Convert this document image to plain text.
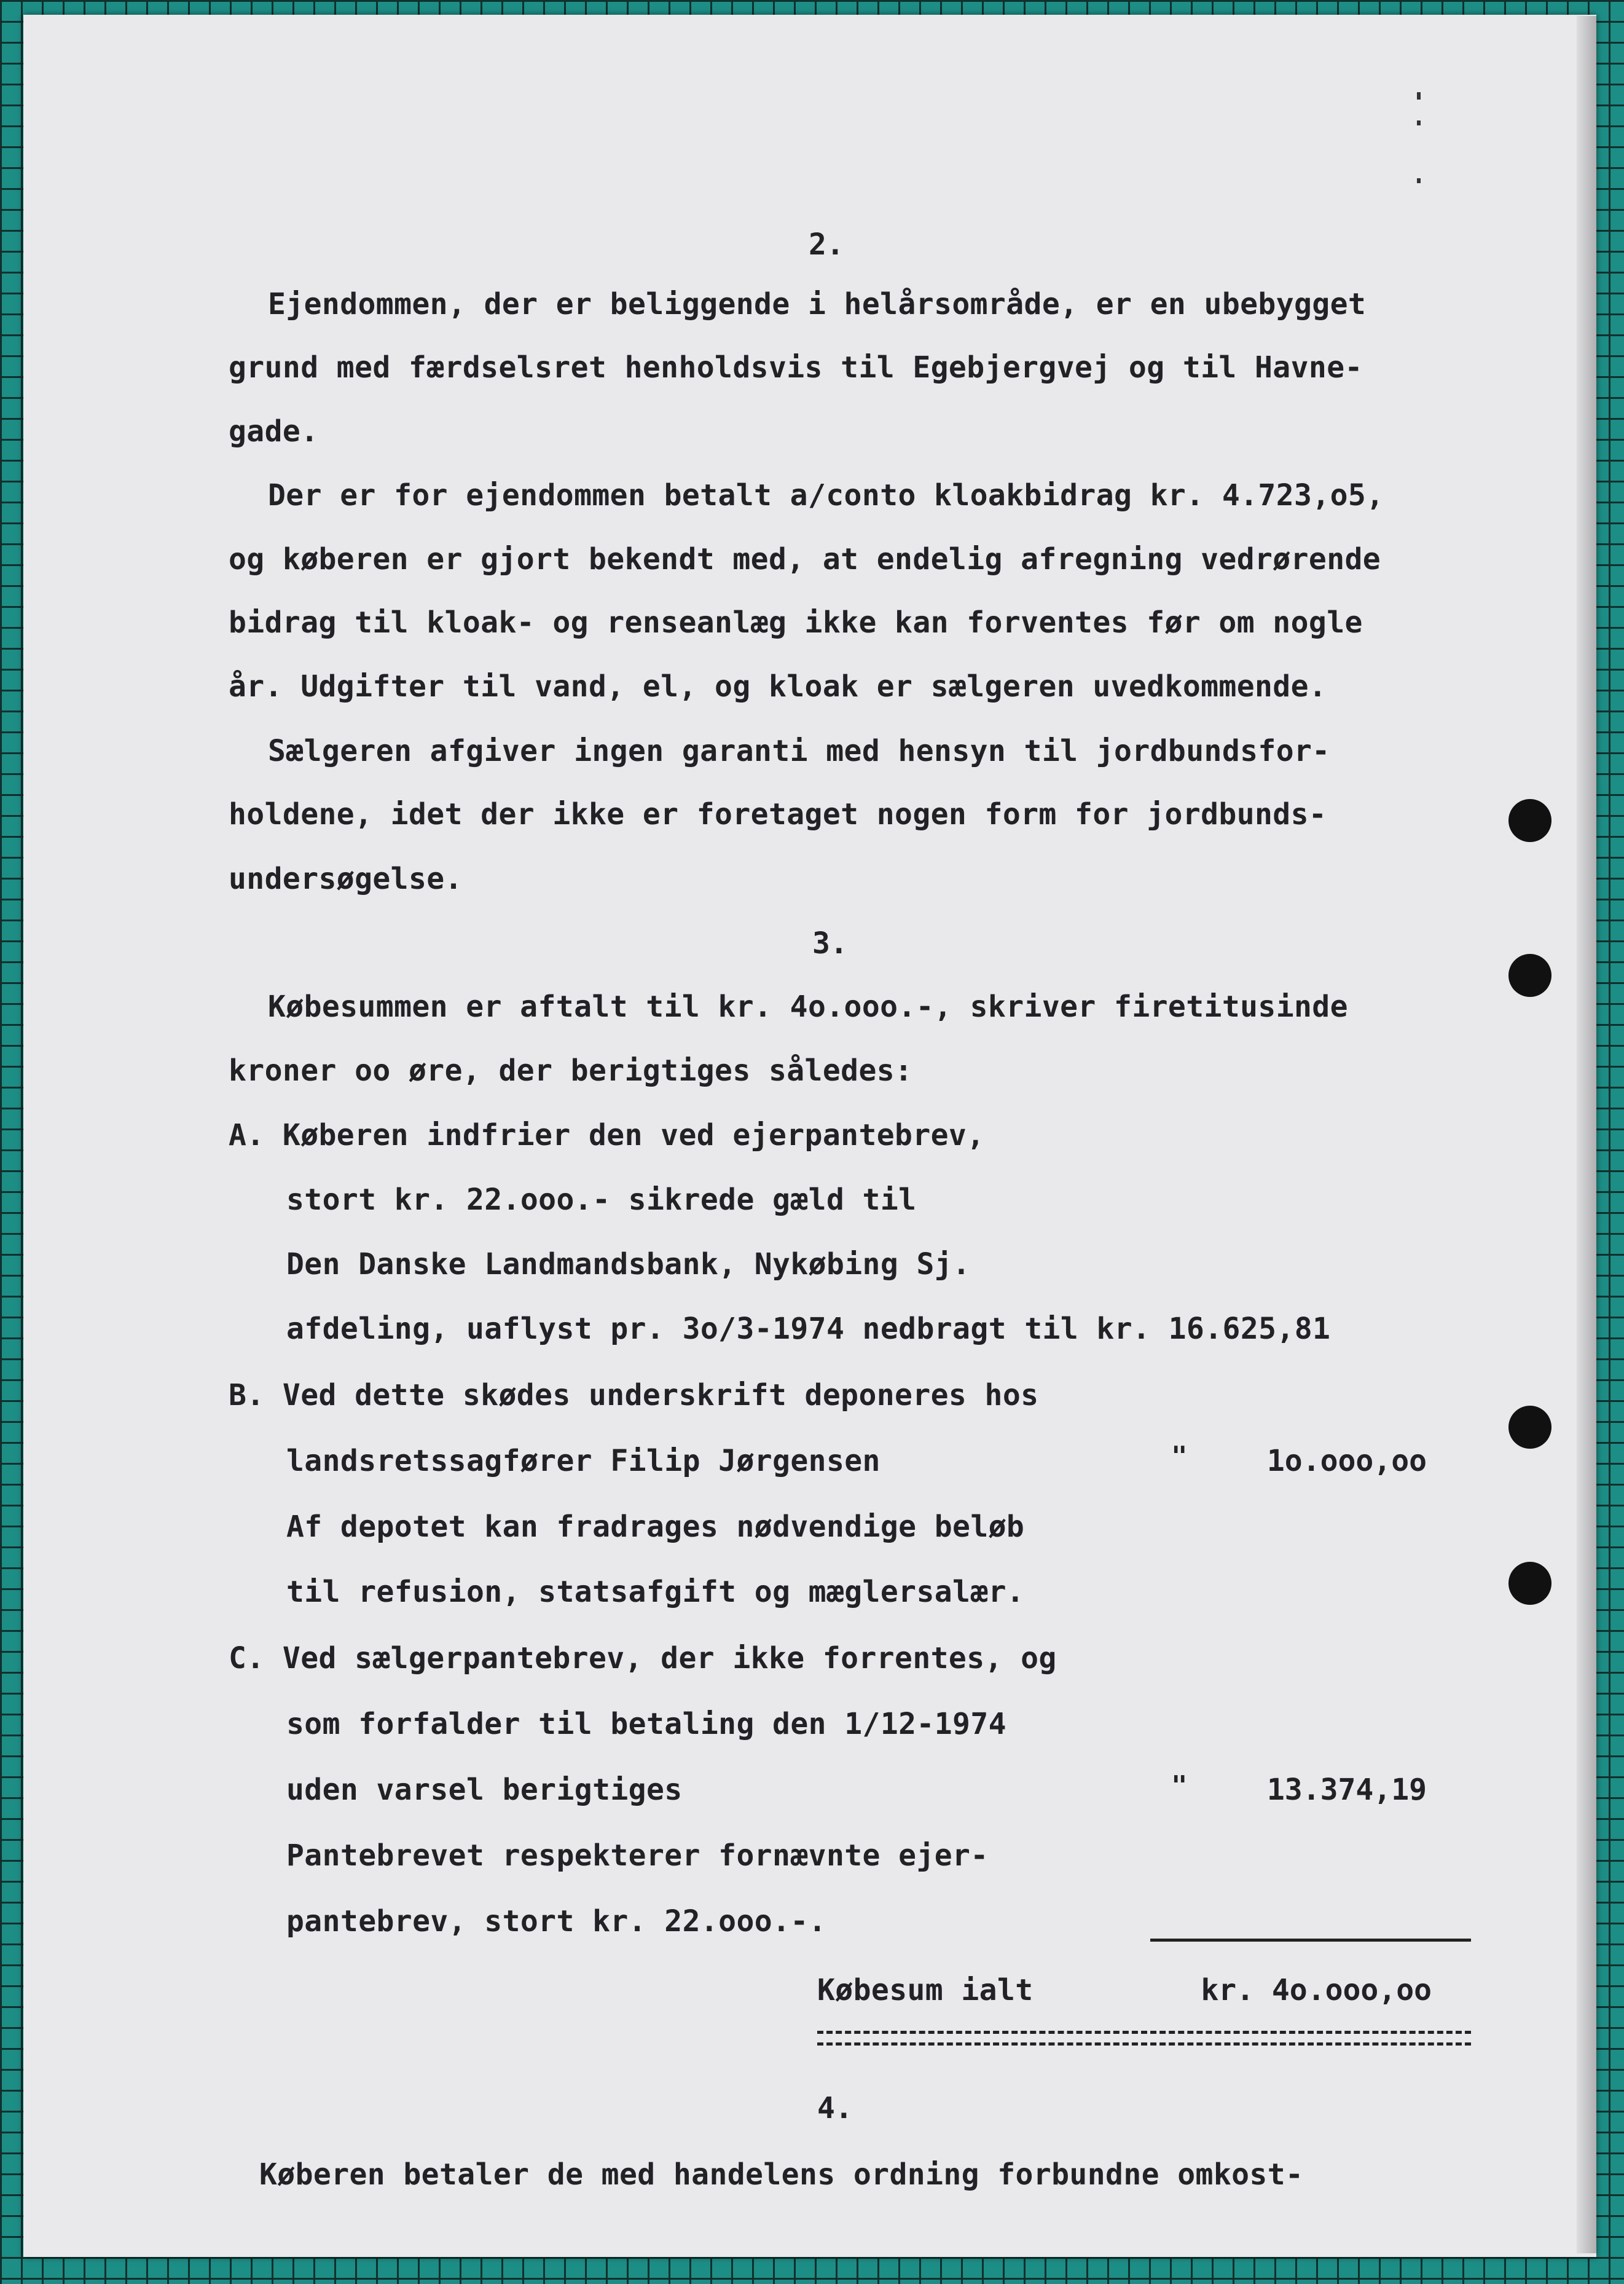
2.
Ejendommen, der er beliggende i helårsområde, er en ubebygget
grund med færdselsret henholdsvis til Egebjergvej og til Havne-
gade.
Der er for ejendommen betalt a/conto kloakbidrag kr. 4.723,o5,
og køberen er gjort bekendt med, at endelig afregning vedrørende
bidrag til kloak- og renseanlæg ikke kan forventes før om nogle
år. Udgifter til vand, el, og kloak er sælgeren uvedkommende.
Sælgeren afgiver ingen garanti med hensyn til jordbundsfor-
holdene, idet der ikke er foretaget nogen form for jordbunds-
undersøgelse.
3.
Købesummen er aftalt til kr. 4o.ooo.-, skriver firetitusinde
kroner oo øre, der berigtiges således:
A. Køberen indfrier den ved ejerpantebrev,
stort kr. 22.ooo.- sikrede gæld til
Den Danske Landmandsbank, Nykøbing Sj.
afdeling, uaflyst pr. 3o/3-1974 nedbragt til kr. 16.625,81
B. Ved dette skødes underskrift deponeres hos
landsretssagfører Filip Jørgensen	"	1o.ooo,oo
Af depotet kan fradrages nødvendige beløb
til refusion, statsafgift og mæglersalær.
C. Ved sælgerpantebrev, der ikke forrentes, og
som forfalder til betaling den 1/12-1974
uden varsel berigtiges	"	13.374,19
Pantebrevet respekterer fornævnte ejer-
pantebrev, stort kr. 22.ooo.-.
Købesum ialt	kr. 4o.ooo,oo
4.
Køberen betaler de med handelens ordning forbundne omkost-
